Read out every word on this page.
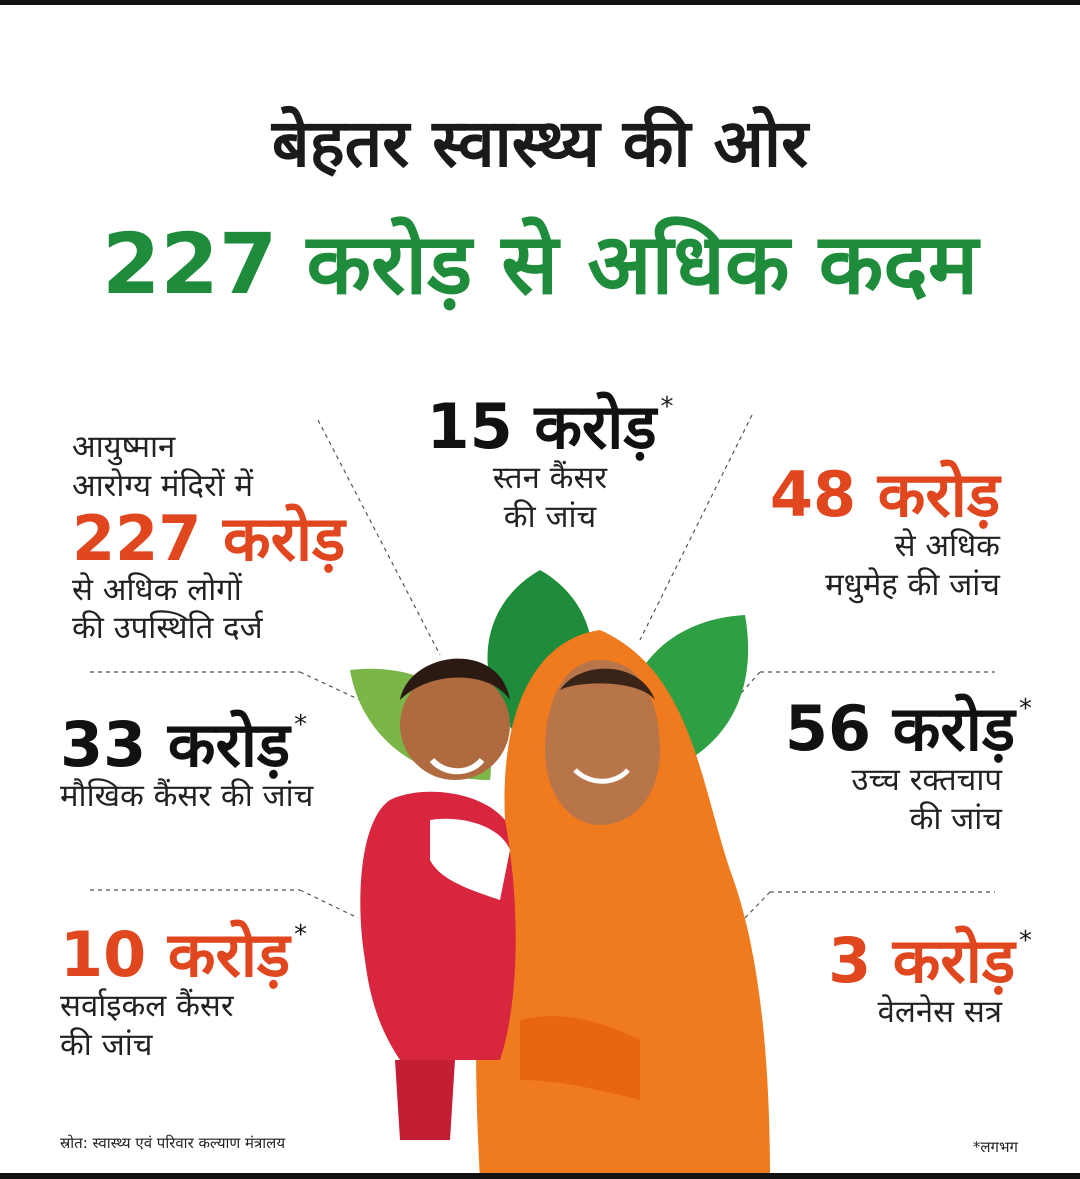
बेहतर स्वास्थ्य की ओर
227 करोड़ से अधिक कदम
आयुष्मान
आरोग्य मंदिरों में
227 करोड़
से अधिक लोगों
की उपस्थिति दर्ज
15 करोड़ *
स्तन कैंसर
की जांच	48 करोड़
से अधिक
मधुमेह की जांच
33 करोड़ *
मौखिक कैंसर की जांच
56 करोड़ *
उच्च रक्तचाप
की जांच
10 करोड़ *
सर्वाइकल कैंसर
की जांच
3 करोड़ *
वेलनेस सत्र
स्रोत: स्वास्थ्य एवं परिवार कल्याण मंत्रालय	*लगभग
